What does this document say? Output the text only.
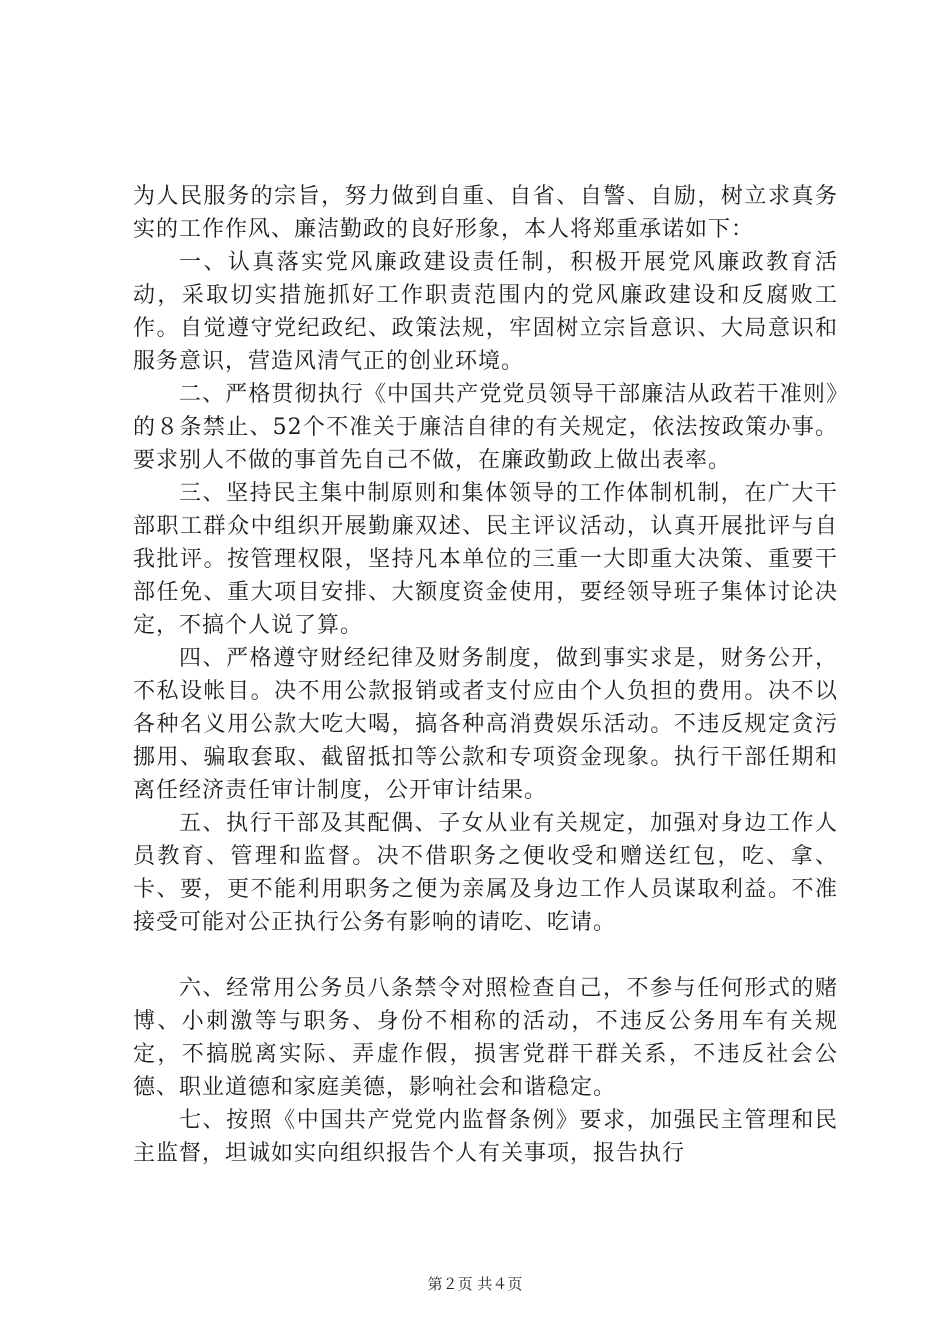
为人民服务的宗旨，努力做到自重、自省、自警、自励，树立求真务实的工作作风、廉洁勤政的良好形象，本人将郑重承诺如下：

一、认真落实党风廉政建设责任制，积极开展党风廉政教育活动，采取切实措施抓好工作职责范围内的党风廉政建设和反腐败工作。自觉遵守党纪政纪、政策法规，牢固树立宗旨意识、大局意识和服务意识，营造风清气正的创业环境。

二、严格贯彻执行《中国共产党党员领导干部廉洁从政若干准则》的８条禁止、52个不准关于廉洁自律的有关规定，依法按政策办事。要求别人不做的事首先自己不做，在廉政勤政上做出表率。

三、坚持民主集中制原则和集体领导的工作体制机制，在广大干部职工群众中组织开展勤廉双述、民主评议活动，认真开展批评与自我批评。按管理权限，坚持凡本单位的三重一大即重大决策、重要干部任免、重大项目安排、大额度资金使用，要经领导班子集体讨论决定，不搞个人说了算。

四、严格遵守财经纪律及财务制度，做到事实求是，财务公开，不私设帐目。决不用公款报销或者支付应由个人负担的费用。决不以各种名义用公款大吃大喝，搞各种高消费娱乐活动。不违反规定贪污挪用、骗取套取、截留抵扣等公款和专项资金现象。执行干部任期和离任经济责任审计制度，公开审计结果。

五、执行干部及其配偶、子女从业有关规定，加强对身边工作人员教育、管理和监督。决不借职务之便收受和赠送红包，吃、拿、卡、要，更不能利用职务之便为亲属及身边工作人员谋取利益。不准接受可能对公正执行公务有影响的请吃、吃请。

六、经常用公务员八条禁令对照检查自己，不参与任何形式的赌博、小刺激等与职务、身份不相称的活动，不违反公务用车有关规定，不搞脱离实际、弄虚作假，损害党群干群关系，不违反社会公德、职业道德和家庭美德，影响社会和谐稳定。

七、按照《中国共产党党内监督条例》要求，加强民主管理和民主监督，坦诚如实向组织报告个人有关事项，报告执行

第２页 共４页
